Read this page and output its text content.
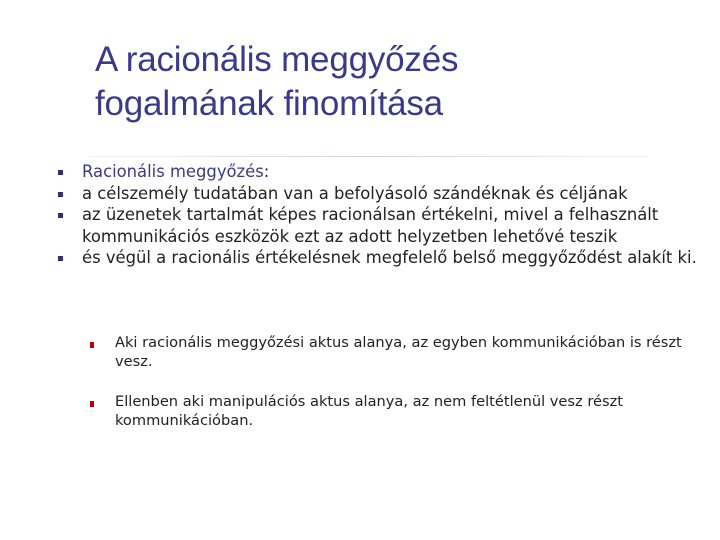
A racionális meggyőzés
fogalmának finomítása
Racionális meggyőzés:
a célszemély tudatában van a befolyásoló szándéknak és céljának
az üzenetek tartalmát képes racionálsan értékelni, mivel a felhasznált kommunikációs eszközök ezt az adott helyzetben lehetővé teszik
és végül a racionális értékelésnek megfelelő belső meggyőződést alakít ki.
Aki racionális meggyőzési aktus alanya, az egyben kommunikációban is részt vesz.
Ellenben aki manipulációs aktus alanya, az nem feltétlenül vesz részt kommunikációban.
